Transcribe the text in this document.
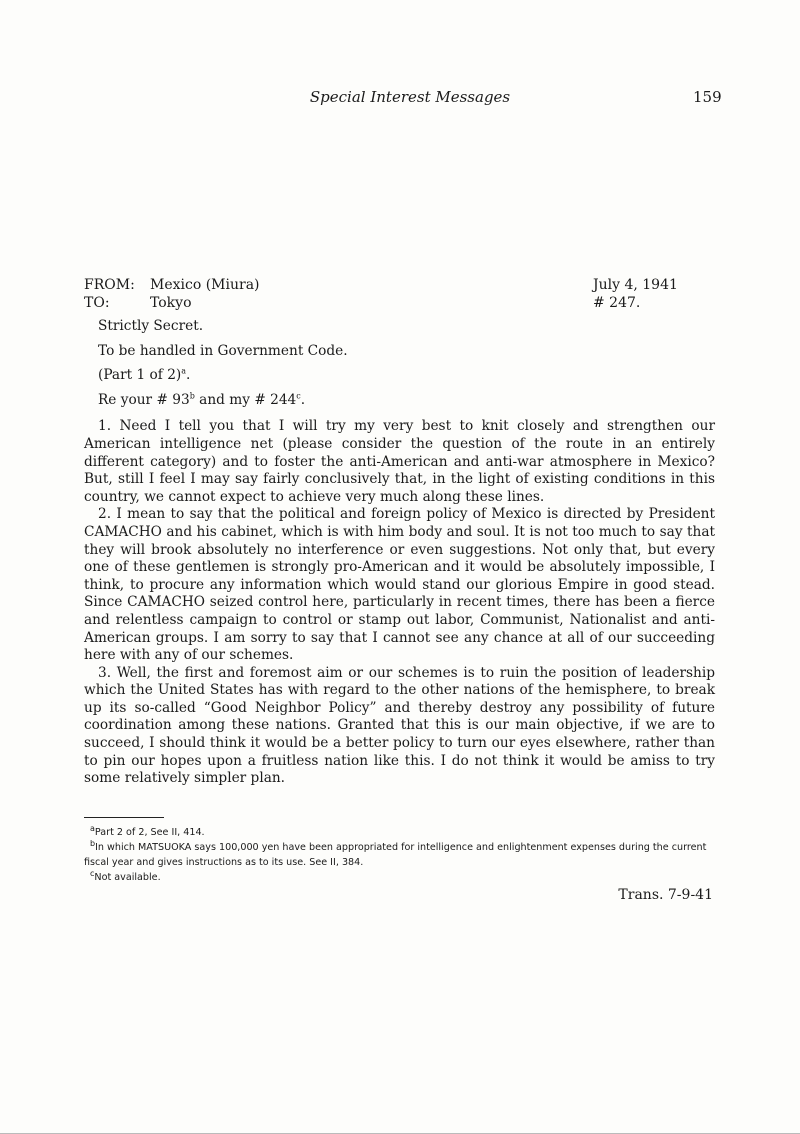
Special Interest Messages	159
FROM: Mexico (Miura)
TO:	Tokyo
July 4, 1941
# 247.

Strictly Secret.

To be handled in Government Code.

(Part 1 of 2)$^a$.

Re your # 93$^b$ and my # 244$^c$.

1. Need I tell you that I will try my very best to knit closely and strengthen our American intelligence net (please consider the question of the route in an entirely different category) and to foster the anti-American and anti-war atmosphere in Mexico? But, still I feel I may say fairly conclusively that, in the light of existing conditions in this country, we cannot expect to achieve very much along these lines.

2. I mean to say that the political and foreign policy of Mexico is directed by President CAMACHO and his cabinet, which is with him body and soul. It is not too much to say that they will brook absolutely no interference or even suggestions. Not only that, but every one of these gentlemen is strongly pro-American and it would be absolutely impossible, I think, to procure any information which would stand our glorious Empire in good stead. Since CAMACHO seized control here, particularly in recent times, there has been a fierce and relentless campaign to control or stamp out labor, Communist, Nationalist and anti-American groups. I am sorry to say that I cannot see any chance at all of our succeeding here with any of our schemes.

3. Well, the first and foremost aim or our schemes is to ruin the position of leadership which the United States has with regard to the other nations of the hemisphere, to break up its so-called “Good Neighbor Policy” and thereby destroy any possibility of future coordination among these nations. Granted that this is our main objective, if we are to succeed, I should think it would be a better policy to turn our eyes elsewhere, rather than to pin our hopes upon a fruitless nation like this. I do not think it would be amiss to try some relatively simpler plan.

$^a$Part 2 of 2, See II, 414.

$^b$In which MATSUOKA says 100,000 yen have been appropriated for intelligence and enlightenment expenses during the current fiscal year and gives instructions as to its use. See II, 384.

$^c$Not available.

Trans. 7-9-41
